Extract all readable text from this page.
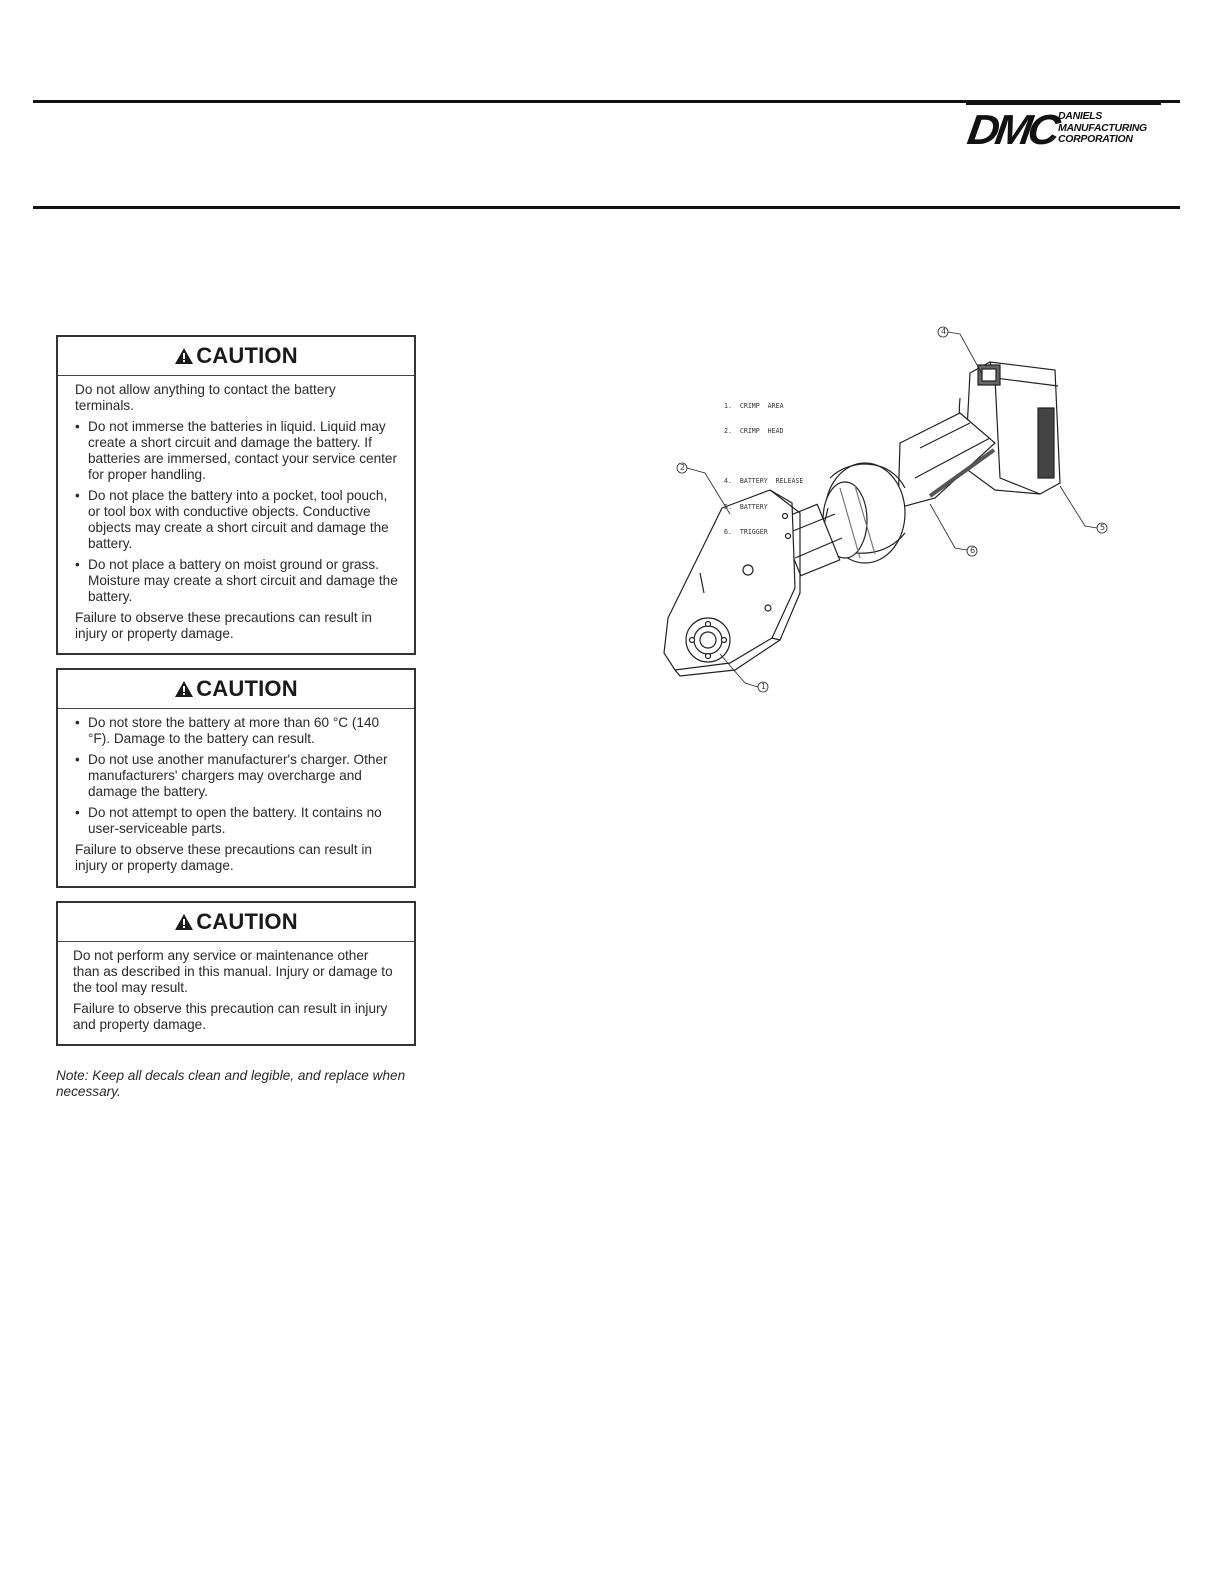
DMC
DANIELS
MANUFACTURING
CORPORATION
CAUTION

Do not allow anything to contact the battery terminals.

• Do not immerse the batteries in liquid. Liquid may create a short circuit and damage the battery. If batteries are immersed, contact your service center for proper handling.
• Do not place the battery into a pocket, tool pouch, or tool box with conductive objects. Conductive objects may create a short circuit and damage the battery.
• Do not place a battery on moist ground or grass. Moisture may create a short circuit and damage the battery.

Failure to observe these precautions can result in injury or property damage.

CAUTION
• Do not store the battery at more than 60 °C (140 °F). Damage to the battery can result.
• Do not use another manufacturer's charger. Other manufacturers' chargers may overcharge and damage the battery.
• Do not attempt to open the battery. It contains no user-serviceable parts.

Failure to observe these precautions can result in injury or property damage.

CAUTION

Do not perform any service or maintenance other than as described in this manual. Injury or damage to the tool may result.

Failure to observe this precaution can result in injury and property damage.

Note: Keep all decals clean and legible, and replace when necessary.
4
2
5
6
1

1.  CRIMP  AREA

2.  CRIMP  HEAD

4.  BATTERY  RELEASE

5.  BATTERY

6.  TRIGGER
